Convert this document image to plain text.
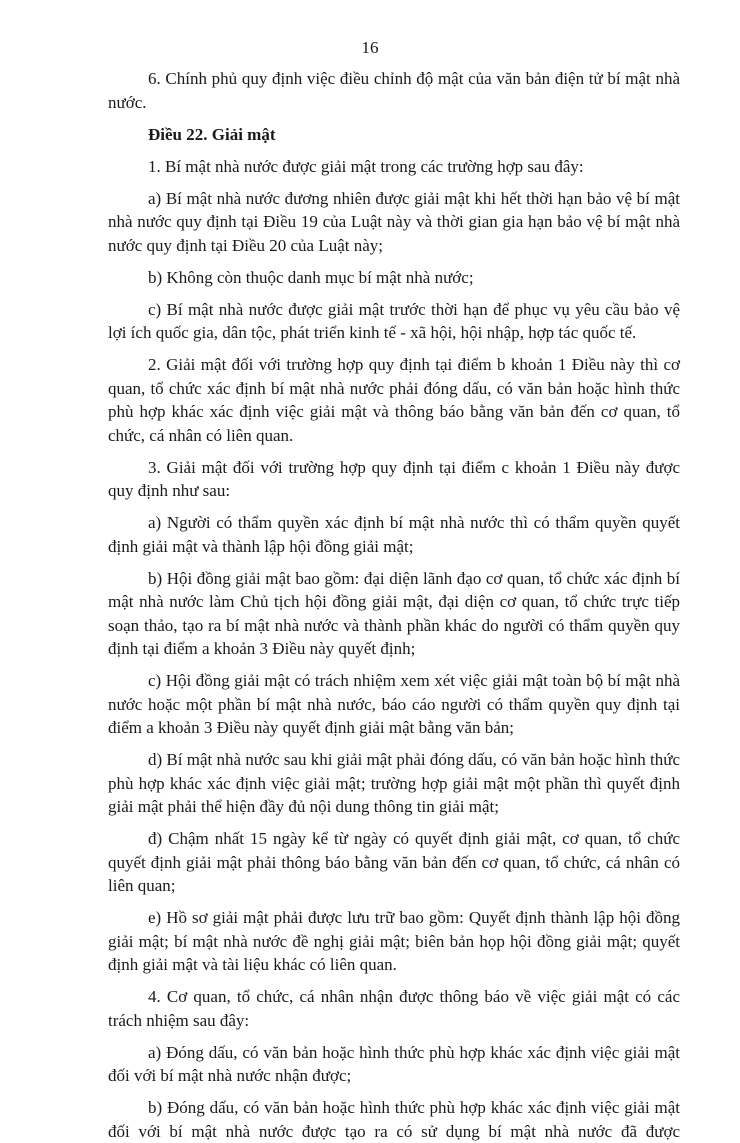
16

6. Chính phủ quy định việc điều chỉnh độ mật của văn bản điện tử bí mật nhà nước.

Điều 22. Giải mật

1. Bí mật nhà nước được giải mật trong các trường hợp sau đây:

a) Bí mật nhà nước đương nhiên được giải mật khi hết thời hạn bảo vệ bí mật nhà nước quy định tại Điều 19 của Luật này và thời gian gia hạn bảo vệ bí mật nhà nước quy định tại Điều 20 của Luật này;

b) Không còn thuộc danh mục bí mật nhà nước;

c) Bí mật nhà nước được giải mật trước thời hạn để phục vụ yêu cầu bảo vệ lợi ích quốc gia, dân tộc, phát triển kinh tế - xã hội, hội nhập, hợp tác quốc tế.

2. Giải mật đối với trường hợp quy định tại điểm b khoản 1 Điều này thì cơ quan, tổ chức xác định bí mật nhà nước phải đóng dấu, có văn bản hoặc hình thức phù hợp khác xác định việc giải mật và thông báo bằng văn bản đến cơ quan, tổ chức, cá nhân có liên quan.

3. Giải mật đối với trường hợp quy định tại điểm c khoản 1 Điều này được quy định như sau:

a) Người có thẩm quyền xác định bí mật nhà nước thì có thẩm quyền quyết định giải mật và thành lập hội đồng giải mật;

b) Hội đồng giải mật bao gồm: đại diện lãnh đạo cơ quan, tổ chức xác định bí mật nhà nước làm Chủ tịch hội đồng giải mật, đại diện cơ quan, tổ chức trực tiếp soạn thảo, tạo ra bí mật nhà nước và thành phần khác do người có thẩm quyền quy định tại điểm a khoản 3 Điều này quyết định;

c) Hội đồng giải mật có trách nhiệm xem xét việc giải mật toàn bộ bí mật nhà nước hoặc một phần bí mật nhà nước, báo cáo người có thẩm quyền quy định tại điểm a khoản 3 Điều này quyết định giải mật bằng văn bản;

d) Bí mật nhà nước sau khi giải mật phải đóng dấu, có văn bản hoặc hình thức phù hợp khác xác định việc giải mật; trường hợp giải mật một phần thì quyết định giải mật phải thể hiện đầy đủ nội dung thông tin giải mật;

đ) Chậm nhất 15 ngày kể từ ngày có quyết định giải mật, cơ quan, tổ chức quyết định giải mật phải thông báo bằng văn bản đến cơ quan, tổ chức, cá nhân có liên quan;

e) Hồ sơ giải mật phải được lưu trữ bao gồm: Quyết định thành lập hội đồng giải mật; bí mật nhà nước đề nghị giải mật; biên bản họp hội đồng giải mật; quyết định giải mật và tài liệu khác có liên quan.

4. Cơ quan, tổ chức, cá nhân nhận được thông báo về việc giải mật có các trách nhiệm sau đây:

a) Đóng dấu, có văn bản hoặc hình thức phù hợp khác xác định việc giải mật đối với bí mật nhà nước nhận được;

b) Đóng dấu, có văn bản hoặc hình thức phù hợp khác xác định việc giải mật đối với bí mật nhà nước được tạo ra có sử dụng bí mật nhà nước đã được
